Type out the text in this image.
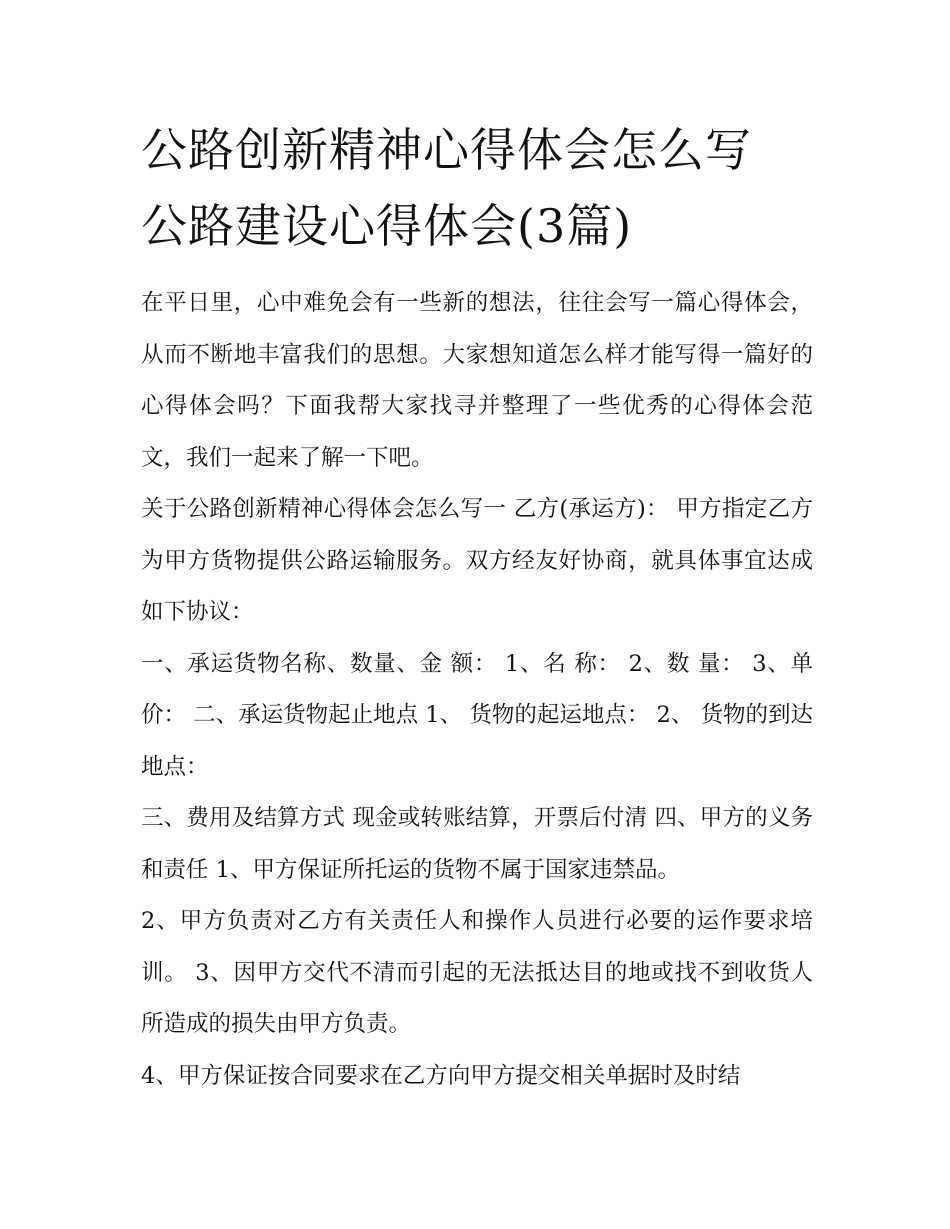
公路创新精神心得体会怎么写
公路建设心得体会(3篇)

在平日里，心中难免会有一些新的想法，往往会写一篇心得体会，从而不断地丰富我们的思想。大家想知道怎么样才能写得一篇好的心得体会吗？下面我帮大家找寻并整理了一些优秀的心得体会范文，我们一起来了解一下吧。

关于公路创新精神心得体会怎么写一 乙方(承运方)： 甲方指定乙方为甲方货物提供公路运输服务。双方经友好协商，就具体事宜达成如下协议：

一、承运货物名称、数量、金 额： 1、名 称： 2、数 量： 3、单 价： 二、承运货物起止地点 1、 货物的起运地点： 2、 货物的到达地点：

三、费用及结算方式 现金或转账结算，开票后付清 四、甲方的义务和责任 1、甲方保证所托运的货物不属于国家违禁品。

2、甲方负责对乙方有关责任人和操作人员进行必要的运作要求培训。 3、因甲方交代不清而引起的无法抵达目的地或找不到收货人所造成的损失由甲方负责。

4、甲方保证按合同要求在乙方向甲方提交相关单据时及时结
